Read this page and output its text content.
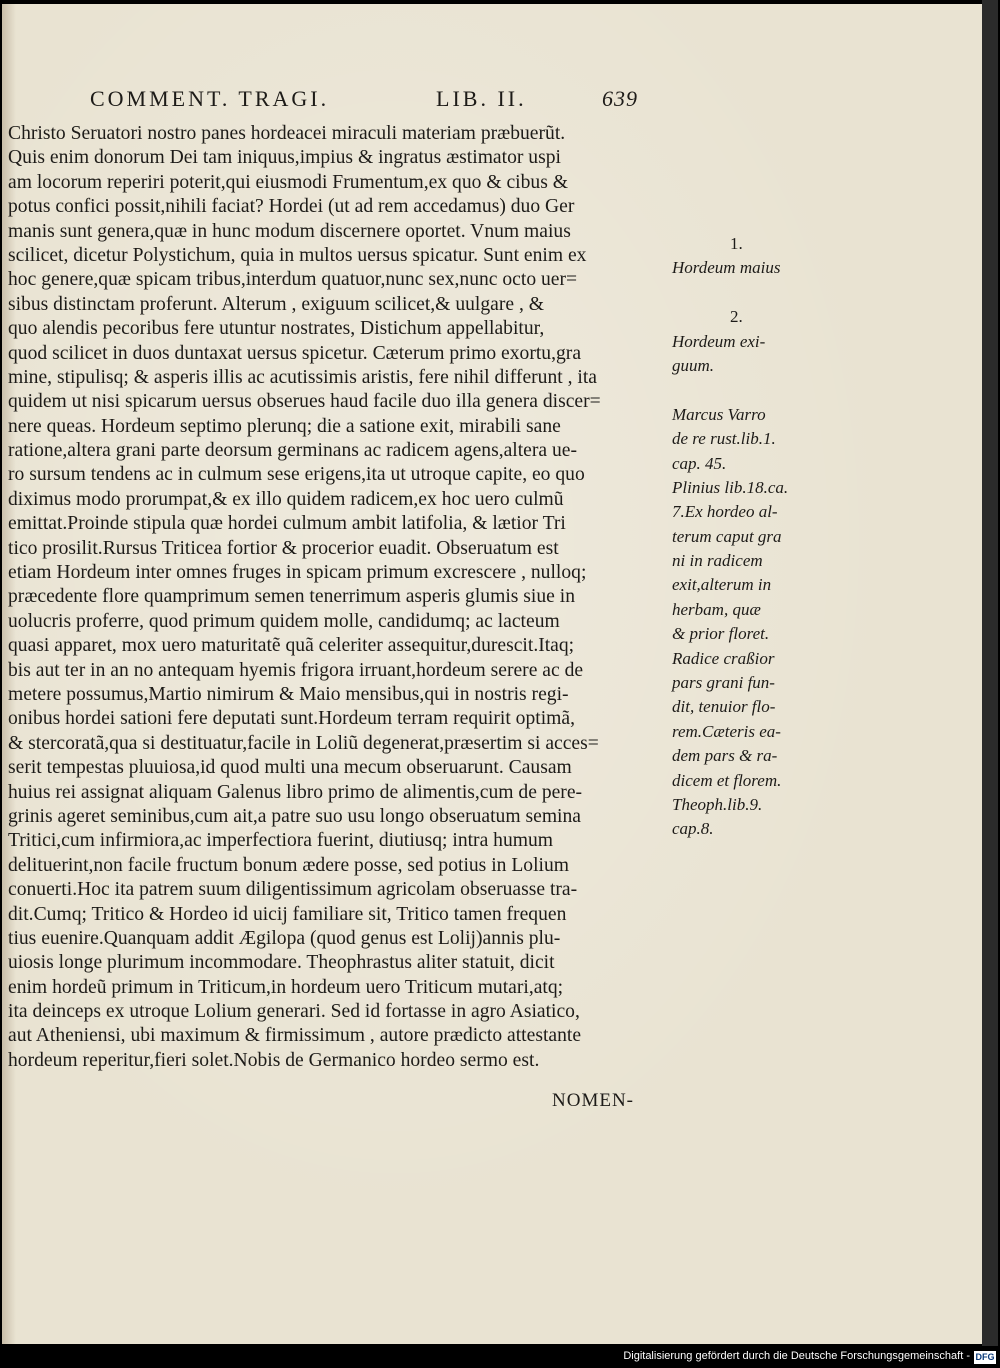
COMMENT. TRAGI.	LIB. II.	639
Christo Seruatori nostro panes hordeacei miraculi materiam præbuerũt.
Quis enim donorum Dei tam iniquus,impius & ingratus æstimator uspi
am locorum reperiri poterit,qui eiusmodi Frumentum,ex quo & cibus &
potus confici possit,nihili faciat? Hordei (ut ad rem accedamus) duo Ger
manis sunt genera,quæ in hunc modum discernere oportet. Vnum maius
scilicet, dicetur Polystichum, quia in multos uersus spicatur. Sunt enim ex
hoc genere,quæ spicam tribus,interdum quatuor,nunc sex,nunc octo uer=
sibus distinctam proferunt. Alterum , exiguum scilicet,& uulgare , &
quo alendis pecoribus fere utuntur nostrates, Distichum appellabitur,
quod scilicet in duos duntaxat uersus spicetur. Cæterum primo exortu,gra
mine, stipulisq; & asperis illis ac acutissimis aristis, fere nihil differunt , ita
quidem ut nisi spicarum uersus obserues haud facile duo illa genera discer=
nere queas. Hordeum septimo plerunq; die a satione exit, mirabili sane
ratione,altera grani parte deorsum germinans ac radicem agens,altera ue-
ro sursum tendens ac in culmum sese erigens,ita ut utroque capite, eo quo
diximus modo prorumpat,& ex illo quidem radicem,ex hoc uero culmũ
emittat.Proinde stipula quæ hordei culmum ambit latifolia, & lætior Tri
tico prosilit.Rursus Triticea fortior & procerior euadit. Obseruatum est
etiam Hordeum inter omnes fruges in spicam primum excrescere , nulloq;
præcedente flore quamprimum semen tenerrimum asperis glumis siue in
uolucris proferre, quod primum quidem molle, candidumq; ac lacteum
quasi apparet, mox uero maturitatẽ quã celeriter assequitur,durescit.Itaq;
bis aut ter in an no antequam hyemis frigora irruant,hordeum serere ac de
metere possumus,Martio nimirum & Maio mensibus,qui in nostris regi-
onibus hordei sationi fere deputati sunt.Hordeum terram requirit optimã,
& stercoratã,qua si destituatur,facile in Loliũ degenerat,præsertim si acces=
serit tempestas pluuiosa,id quod multi una mecum obseruarunt. Causam
huius rei assignat aliquam Galenus libro primo de alimentis,cum de pere-
grinis ageret seminibus,cum ait,a patre suo usu longo obseruatum semina
Tritici,cum infirmiora,ac imperfectiora fuerint, diutiusq; intra humum
delituerint,non facile fructum bonum ædere posse, sed potius in Lolium
conuerti.Hoc ita patrem suum diligentissimum agricolam obseruasse tra-
dit.Cumq; Tritico & Hordeo id uicij familiare sit, Tritico tamen frequen
tius euenire.Quanquam addit Ægilopa (quod genus est Lolij)annis plu-
uiosis longe plurimum incommodare. Theophrastus aliter statuit, dicit
enim hordeũ primum in Triticum,in hordeum uero Triticum mutari,atq;
ita deinceps ex utroque Lolium generari. Sed id fortasse in agro Asiatico,
aut Atheniensi, ubi maximum & firmissimum , autore prædicto attestante
hordeum reperitur,fieri solet.Nobis de Germanico hordeo sermo est.
1.
Hordeum maius
2.
Hordeum exi-
guum.
Marcus Varro
de re rust.lib.1.
cap. 45.
Plinius lib.18.ca.
7.Ex hordeo al-
terum caput gra
ni in radicem
exit,alterum in
herbam, quæ
& prior floret.
Radice craßior
pars grani fun-
dit, tenuior flo-
rem.Cæteris ea-
dem pars & ra-
dicem et florem.
Theoph.lib.9.
cap.8.
NOMEN-
Digitalisierung gefördert durch die Deutsche Forschungsgemeinschaft - DFG
